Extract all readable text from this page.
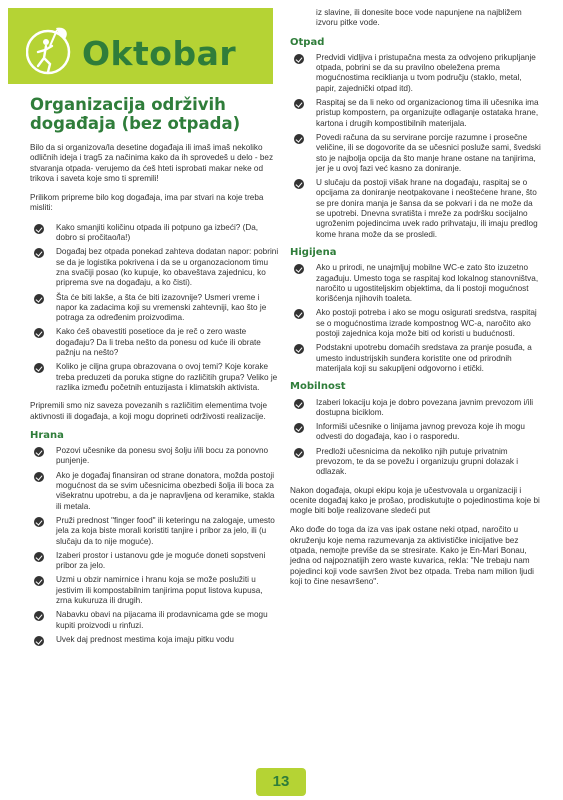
Oktobar
Organizacija održivih događaja (bez otpada)

Bilo da si organizova/la desetine događaja ili imaš imaš nekoliko odličnih ideja i trag5 za načinima kako da ih sprovedeš u delo - bez stvaranja otpada- verujemo da ćeš hteti isprobati makar neke od trikova i saveta koje smo ti spremili!

Prilikom pripreme bilo kog događaja, ima par stvari na koje treba misliti:

Kako smanjiti količinu otpada ili potpuno ga izbeći? (Da, dobro si pročitao/la!)
Događaj bez otpada ponekad zahteva dodatan napor: pobrini se da je logistika pokrivena i da se u organozacionom timu zna svačiji posao (ko kupuje, ko obaveštava zajednicu, ko priprema sve na događaju, a ko čisti).
Šta će biti lakše, a šta će biti izazovnije? Usmeri vreme i napor ka zadacima koji su vremenski zahtevniji, kao što je potraga za određenim proizvodima.
Kako ćeš obavestiti posetioce da je reč o zero waste događaju? Da li treba nešto da ponesu od kuće ili obrate pažnju na nešto?
Koliko je ciljna grupa obrazovana o ovoj temi? Koje korake treba preduzeti da poruka stigne do različitih grupa? Veliko je razlika između početnih entuzijasta i klimatskih aktivista.

Pripremili smo niz saveza povezanih s različitim elementima tvoje aktivnosti ili događaja, a koji mogu doprineti održivosti realizacije.

Hrana
Pozovi učesnike da ponesu svoj šolju i/ili bocu za ponovno punjenje.
Ako je događaj finansiran od strane donatora, možda postoji mogućnost da se svim učesnicima obezbedi šolja ili boca za višekratnu upotrebu, a da je napravljena od keramike, stakla ili metala.
Pruži prednost "finger food" ili keteringu na zalogaje, umesto jela za koja biste morali koristiti tanjire i pribor za jelo, ili (u slučaju da to nije moguće).
Izaberi prostor i ustanovu gde je moguće doneti sopstveni pribor za jelo.
Uzmi u obzir namirnice i hranu koja se može poslužiti u jestivim ili kompostabilnim tanjirima poput listova kupusa, zrna kukuruza ili drugih.
Nabavku obavi na pijacama ili prodavnicama gde se mogu kupiti proizvodi u rinfuzi.
Uvek daj prednost mestima koja imaju pitku vodu

iz slavine, ili donesite boce vode napunjene na najbližem izvoru pitke vode.

Otpad
Predvidi vidljiva i pristupačna mesta za odvojeno prikupljanje otpada, pobrini se da su pravilno obeležena prema mogućnostima reciklianja u tvom području (staklo, metal, papir, zajednički otpad itd).
Raspitaj se da li neko od organizacionog tima ili učesnika ima pristup kompostern, pa organizujte odlaganje ostataka hrane, kartona i drugih kompostibilnih materijala.
Povedi računa da su servirane porcije razumne i prosečne veličine, ili se dogovorite da se učesnici posluže sami, švedski sto je najbolja opcija da što manje hrane ostane na tanjirima, jer je u ovoj fazi već kasno za doniranje.
U slučaju da postoji višak hrane na događaju, raspitaj se o opcijama za doniranje neotpakovane i neoštećene hrane, što se pre donira manja je šansa da se pokvari i da ne može da se upotrebi. Dnevna svratišta i mreže za podršku socijalno ugroženim pojedincima uvek rado prihvataju, ili imaju predlog kome hrana može da se prosledi.
Higijena
Ako u prirodi, ne unajmljuj mobilne WC-e zato što izuzetno zagađuju. Umesto toga se raspitaj kod lokalnog stanovništva, naročito u ugostiteljskim objektima, da li postoji mogućnost korišćenja njihovih toaleta.
Ako postoji potreba i ako se mogu osigurati sredstva, raspitaj se o mogućnostima izrade kompostnog WC-a, naročito ako postoji zajednica koja može biti od koristi u budućnosti.
Podstakni upotrebu domaćih sredstava za pranje posuđa, a umesto industrijskih sunđera koristite one od prirodnih materijala koji su sakupljeni odgovorno i etički.
Mobilnost
Izaberi lokaciju koja je dobro povezana javnim prevozom i/ili dostupna biciklom.
Informiši učesnike o linijama javnog prevoza koje ih mogu odvesti do događaja, kao i o rasporedu.
Predloži učesnicima da nekoliko njih putuje privatnim prevozom, te da se povežu i organizuju grupni dolazak i odlazak.

Nakon događaja, okupi ekipu koja je učestvovala u organizaciji i ocenite događaj kako je prošao, prodiskutujte o pojedinostima koje bi mogle biti bolje realizovane sledeći put

Ako dođe do toga da iza vas ipak ostane neki otpad, naročito u okruženju koje nema razumevanja za aktivističke inicijative bez otpada, nemojte previše da se stresirate. Kako je En-Mari Bonau, jedna od najpoznatijih zero waste kuvarica, rekla: "Ne trebaju nam pojedinci koji vode savršen život bez otpada. Treba nam milion ljudi koji to čine nesavršeno".

13
